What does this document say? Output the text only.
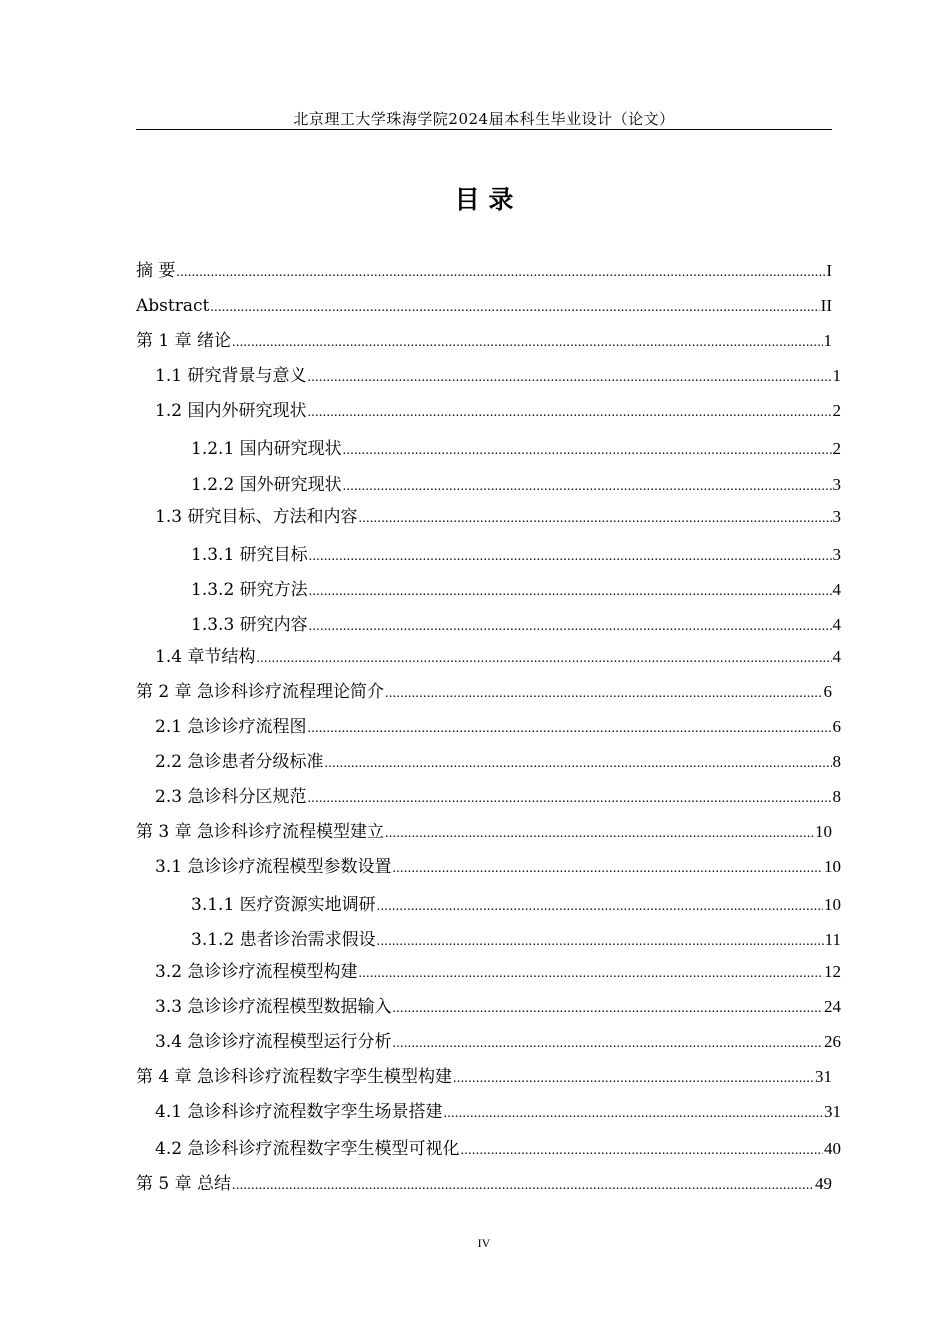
北京理工大学珠海学院2024届本科生毕业设计（论文）
目 录
摘 要 .....	I
Abstract .....	II
第 1 章 绪论 .....	1
1.1 研究背景与意义 .....	1
1.2 国内外研究现状 .....	2
1.2.1 国内研究现状 .....	2
1.2.2 国外研究现状 .....	3
1.3 研究目标、方法和内容 .....	3
1.3.1 研究目标 .....	3
1.3.2 研究方法 .....	4
1.3.3 研究内容 .....	4
1.4 章节结构 .....	4
第 2 章 急诊科诊疗流程理论简介 .....	6
2.1 急诊诊疗流程图 .....	6
2.2 急诊患者分级标准 .....	8
2.3 急诊科分区规范 .....	8
第 3 章 急诊科诊疗流程模型建立 .....	10
3.1 急诊诊疗流程模型参数设置 .....	10
3.1.1 医疗资源实地调研 .....	10
3.1.2 患者诊治需求假设 .....	11
3.2 急诊诊疗流程模型构建 .....	12
3.3 急诊诊疗流程模型数据输入 .....	24
3.4 急诊诊疗流程模型运行分析 .....	26
第 4 章 急诊科诊疗流程数字孪生模型构建 .....	31
4.1 急诊科诊疗流程数字孪生场景搭建 .....	31
4.2 急诊科诊疗流程数字孪生模型可视化 .....	40
第 5 章 总结 .....	49
IV
